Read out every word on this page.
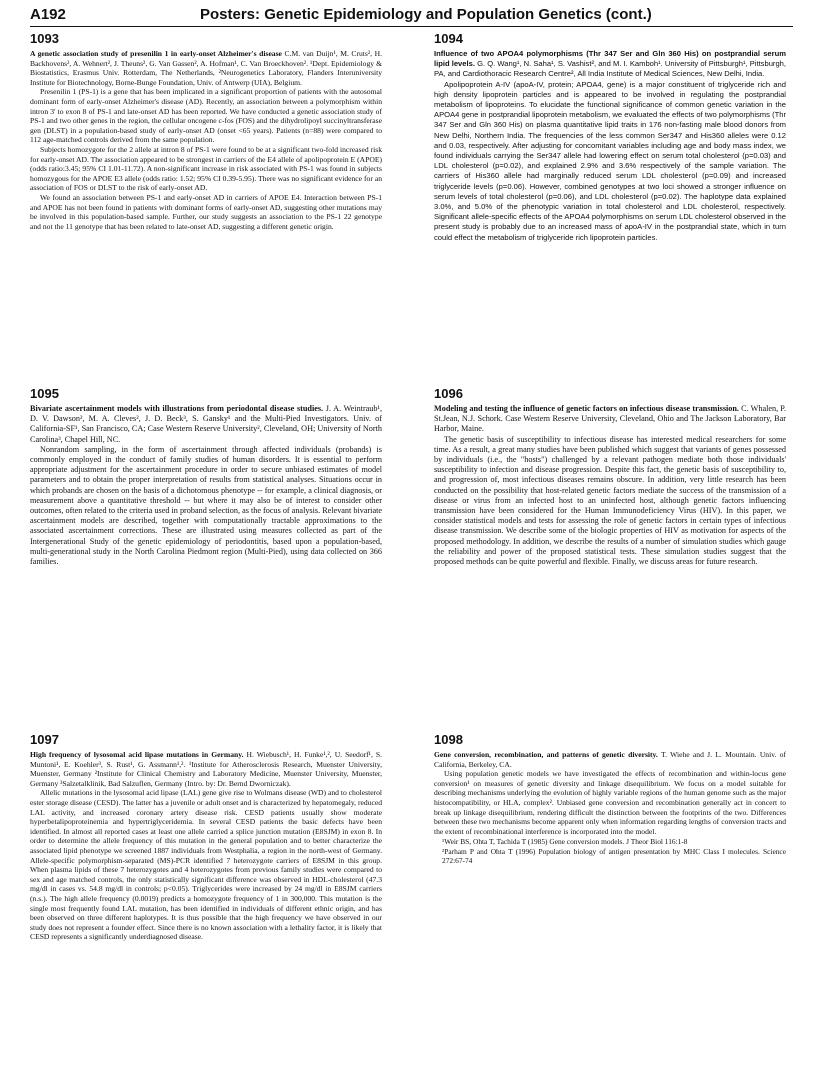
A192	Posters: Genetic Epidemiology and Population Genetics (cont.)
1093

A genetic association study of presenilin 1 in early-onset Alzheimer's disease C.M. van Duijn¹, M. Cruts², H. Backhovens², A. Wehnert², J. Theuns², G. Van Gassen², A. Hofman¹, C. Van Broeckhoven². ¹Dept. Epidemiology & Biostatistics, Erasmus Univ. Rotterdam, The Netherlands, ²Neurogenetics Laboratory, Flanders Interuniversity Institute for Biotechnology, Borne-Bunge Foundation, Univ. of Antwerp (UIA), Belgium.

Presenilin 1 (PS-1) is a gene that has been implicated in a significant proportion of patients with the autosomal dominant form of early-onset Alzheimer's disease (AD). Recently, an association between a polymorphism within intron 3' to exon 8 of PS-1 and late-onset AD has been reported. We have conducted a genetic association study of PS-1 and two other genes in the region, the cellular oncogene c-fos (FOS) and the dihydrolipoyl succinyltransferase gen (DLST) in a population-based study of early-onset AD (onset <65 years). Patients (n=88) were compared to 112 age-matched controls derived from the same population.

Subjects homozygote for the 2 allele at intron 8 of PS-1 were found to be at a significant two-fold increased risk for early-onset AD. The association appeared to be strongest in carriers of the E4 allele of apolipoprotein E (APOE) (odds ratio:3.45; 95% CI 1.01-11.72). A non-significant increase in risk associated with PS-1 was found in subjects homozygous for the APOE E3 allele (odds ratio: 1.52; 95% CI 0.39-5.95). There was no significant evidence for an association of FOS or DLST to the risk of early-onset AD.

We found an association between PS-1 and early-onset AD in carriers of APOE E4. Interaction between PS-1 and APOE has not been found in patients with dominant forms of early-onset AD, suggesting other mutations may be involved in this population-based sample. Further, our study suggests an association to the PS-1 22 genotype and not the 11 genotype that has been related to late-onset AD, suggesting a different genetic origin.

1094

Influence of two APOA4 polymorphisms (Thr 347 Ser and Gln 360 His) on postprandial serum lipid levels. G. Q. Wang¹, N. Saha¹, S. Vashist², and M. I. Kamboh¹. University of Pittsburgh¹, Pittsburgh, PA, and Cardiothoracic Research Centre², All India Institute of Medical Sciences, New Delhi, India.

Apolipoprotein A-IV (apoA-IV, protein; APOA4, gene) is a major constituent of triglyceride rich and high density lipoprotein particles and is appeared to be involved in regulating the postprandial metabolism of lipoproteins. To elucidate the functional significance of common genetic variation in the APOA4 gene in postprandial lipoprotein metabolism, we evaluated the effects of two polymorphisms (Thr 347 Ser and Gln 360 His) on plasma quantitative lipid traits in 176 non-fasting male blood donors from New Delhi, Northern India. The frequencies of the less common Ser347 and His360 alleles were 0.12 and 0.03, respectively. After adjusting for concomitant variables including age and body mass index, we found individuals carrying the Ser347 allele had lowering effect on serum total cholesterol (p=0.03) and LDL cholesterol (p=0.02), and explained 2.9% and 3.6% respectively of the sample variation. The carriers of His360 allele had marginally reduced serum LDL cholesterol (p=0.09) and increased triglyceride levels (p=0.06). However, combined genotypes at two loci showed a stronger influence on serum levels of total cholesterol (p=0.06), and LDL cholesterol (p=0.02). The haplotype data explained 3.0%, and 5.0% of the phenotypic variation in total cholesterol and LDL cholesterol, respectively. Significant allele-specific effects of the APOA4 polymorphisms on serum LDL cholesterol observed in the present study is probably due to an increased mass of apoA-IV in the postprandial state, which in turn could effect the metabolism of triglyceride rich lipoprotein particles.

1095

Bivariate ascertainment models with illustrations from periodontal disease studies. J. A. Weintraub¹, D. V. Dawson², M. A. Cleves², J. D. Beck³, S. Gansky¹ and the Multi-Pied Investigators. Univ. of California-SF¹, San Francisco, CA; Case Western Reserve University², Cleveland, OH; University of North Carolina³, Chapel Hill, NC.

Nonrandom sampling, in the form of ascertainment through affected individuals (probands) is commonly employed in the conduct of family studies of human disorders. It is essential to perform appropriate adjustment for the ascertainment procedure in order to secure unbiased estimates of model parameters and to obtain the proper interpretation of results from statistical analyses. Situations occur in which probands are chosen on the basis of a dichotomous phenotype -- for example, a clinical diagnosis, or measurement above a quantitative threshold -- but where it may also be of interest to consider other outcomes, often related to the criteria used in proband selection, as the focus of analysis. Relevant bivariate ascertainment models are described, together with computationally tractable approximations to the associated ascertainment corrections. These are illustrated using measures collected as part of the Intergenerational Study of the genetic epidemiology of periodontitis, based upon a population-based, multi-generational study in the North Carolina Piedmont region (Multi-Pied), using data collected on 366 families.

1096

Modeling and testing the influence of genetic factors on infectious disease transmission. C. Whalen, P. St.Jean, N.J. Schork. Case Western Reserve University, Cleveland, Ohio and The Jackson Laboratory, Bar Harbor, Maine.

The genetic basis of susceptibility to infectious disease has interested medical researchers for some time. As a result, a great many studies have been published which suggest that variants of genes possessed by individuals (i.e., the "hosts") challenged by a relevant pathogen mediate both those individuals' susceptibility to infection and disease progression. Despite this fact, the genetic basis of susceptibility to, and progression of, most infectious diseases remains obscure. In addition, very little research has been conducted on the possibility that host-related genetic factors mediate the success of the transmission of a disease or virus from an infected host to an uninfected host, although genetic factors influencing transmission have been considered for the Human Immunodeficiency Virus (HIV). In this paper, we consider statistical models and tests for assessing the role of genetic factors in certain types of infectious disease transmission. We describe some of the biologic properties of HIV as motivation for aspects of the proposed methodology. In addition, we describe the results of a number of simulation studies which gauge the reliability and power of the proposed statistical tests. These simulation studies suggest that the proposed methods can be quite powerful and flexible. Finally, we discuss areas for future research.

1097

High frequency of lysosomal acid lipase mutations in Germany. H. Wiebusch¹, H. Funke¹,², U. Seedorf¹, S. Muntoni¹, E. Koehler³, S. Rust¹, G. Assmann¹,². ¹Institute for Atherosclerosis Research, Muenster University, Muenster, Germany ²Institute for Clinical Chemistry and Laboratory Medicine, Muenster University, Muenster, Germany ³Salzetalklinik, Bad Salzuflen, Germany (Intro. by: Dr. Bernd Dworniczak).

Allelic mutations in the lysosomal acid lipase (LAL) gene give rise to Wolmans disease (WD) and to cholesterol ester storage disease (CESD). The latter has a juvenile or adult onset and is characterized by hepatomegaly, reduced LAL activity, and increased coronary artery disease risk. CESD patients usually show moderate hyperbetalipoproteinemia and hypertriglyceridemia. In several CESD patients the basic defects have been identified. In almost all reported cases at least one allele carried a splice junction mutation (E8SJM) in exon 8. In order to determine the allele frequency of this mutation in the general population and to better characterize the associated lipid phenotype we screened 1887 individuals from Westphalia, a region in the north-west of Germany. Allele-specific polymorphism-separated (MS)-PCR identified 7 heterozygote carriers of E8SJM in this group. When plasma lipids of these 7 heterozygotes and 4 heterozygotes from previous family studies were compared to sex and age matched controls, the only statistically significant difference was observed in HDL-cholesterol (47.3 mg/dl in cases vs. 54.8 mg/dl in controls; p<0.05). Triglycerides were increased by 24 mg/dl in E8SJM carriers (n.s.). The high allele frequency (0.0019) predicts a homozygote frequency of 1 in 300,000. This mutation is the single most frequently found LAL mutation, has been identified in individuals of different ethnic origin, and has been observed on three different haplotypes. It is thus possible that the high frequency we have observed in our study does not represent a founder effect. Since there is no known association with a lethality factor, it is likely that CESD represents a significantly underdiagnosed disease.

1098

Gene conversion, recombination, and patterns of genetic diversity. T. Wiehe and J. L. Mountain. Univ. of California, Berkeley, CA.

Using population genetic models we have investigated the effects of recombination and within-locus gene conversion¹ on measures of genetic diversity and linkage disequilibrium. We focus on a model suitable for describing mechanisms underlying the evolution of highly variable regions of the human genome such as the major histocompatibility, or HLA, complex². Unbiased gene conversion and recombination generally act in concert to break up linkage disequilibrium, rendering difficult the distinction between the footprints of the two. Differences between these two mechanisms become apparent only when information regarding lengths of conversion tracts and the extent of recombinational interference is incorporated into the model.

¹Weir BS, Ohta T, Tachida T (1985) Gene conversion models. J Theor Biol 116:1-8
²Parham P and Ohta T (1996) Population biology of antigen presentation by MHC Class I molecules. Science 272:67-74
